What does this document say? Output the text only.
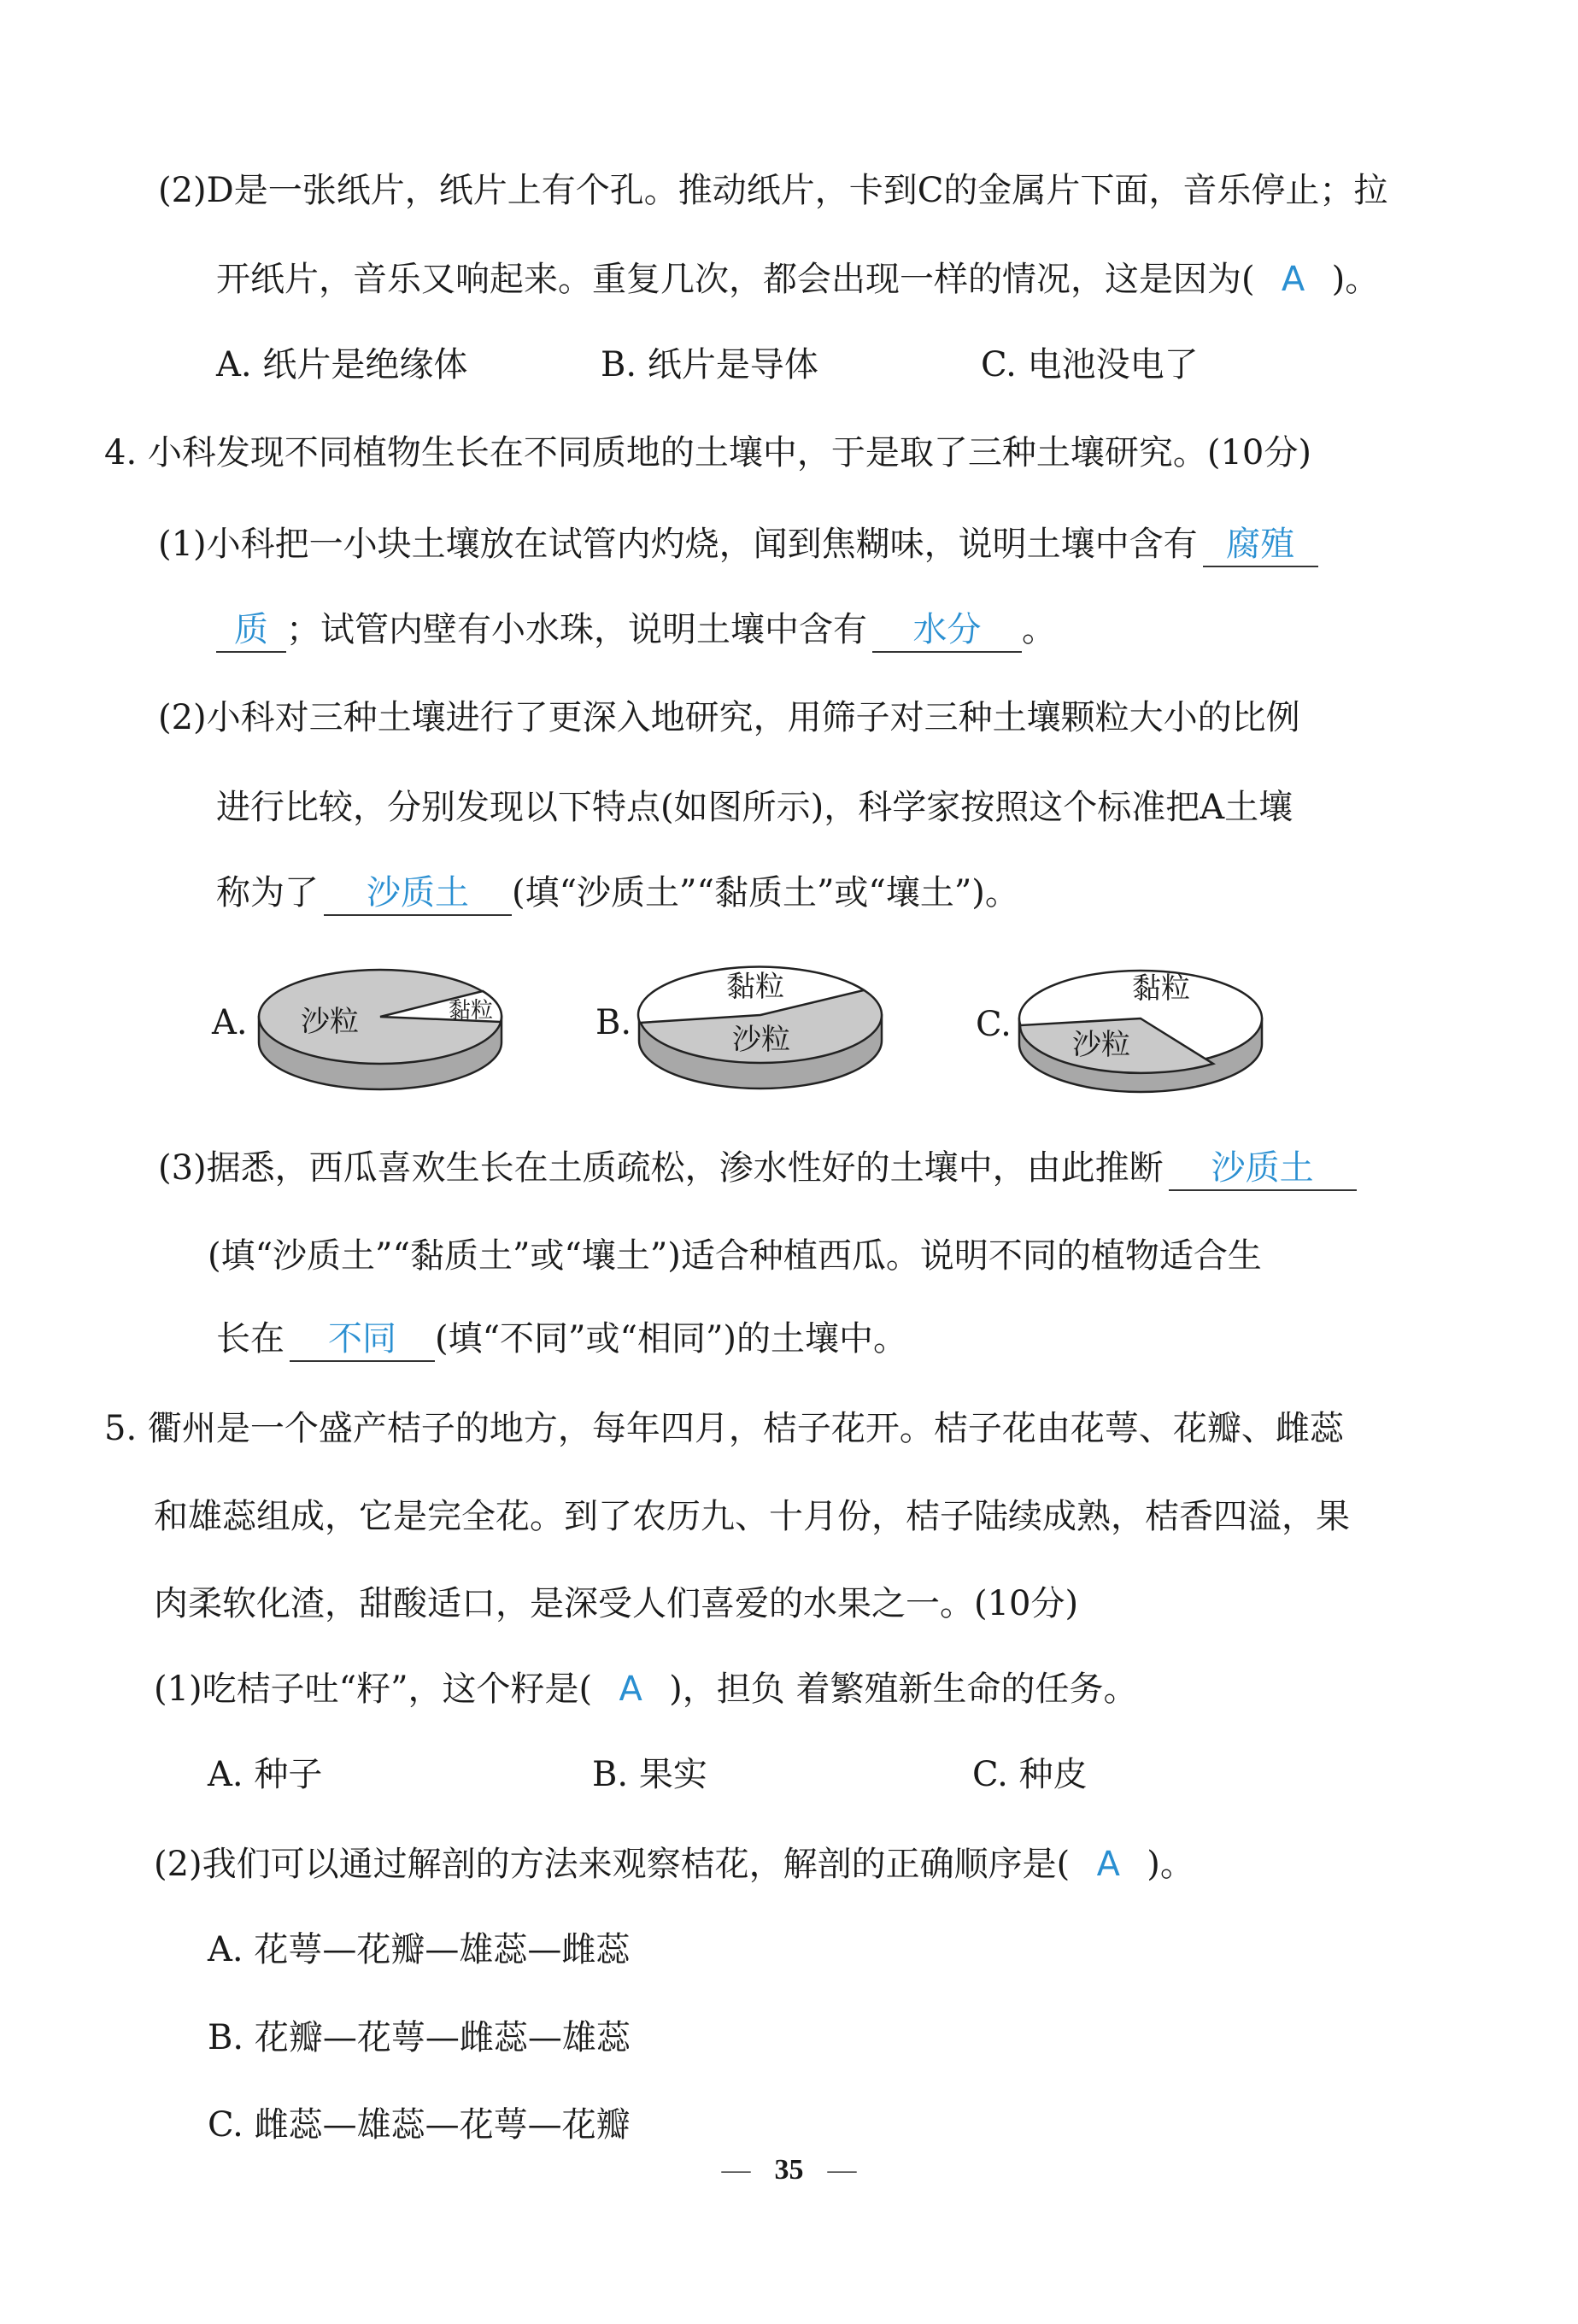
(2)D是一张纸片，纸片上有个孔。推动纸片，卡到C的金属片下面，音乐停止；拉
开纸片，音乐又响起来。重复几次，都会出现一样的情况，这是因为( A )。
A. 纸片是绝缘体	B. 纸片是导体	C. 电池没电了
4. 小科发现不同植物生长在不同质地的土壤中，于是取了三种土壤研究。(10分)
(1)小科把一小块土壤放在试管内灼烧，闻到焦糊味，说明土壤中含有 腐殖
质 ；试管内壁有小水珠，说明土壤中含有 水分 。
(2)小科对三种土壤进行了更深入地研究，用筛子对三种土壤颗粒大小的比例
进行比较，分别发现以下特点(如图所示)，科学家按照这个标准把A土壤
称为了 沙质土 (填“沙质土”“黏质土”或“壤土”)。
A. 沙粒	黏粒	B.
黏粒
沙粒	C.
黏粒
沙粒
(3)据悉，西瓜喜欢生长在土质疏松，渗水性好的土壤中，由此推断 沙质土
(填“沙质土”“黏质土”或“壤土”)适合种植西瓜。说明不同的植物适合生
长在 不同 (填“不同”或“相同”)的土壤中。
5. 衢州是一个盛产桔子的地方，每年四月，桔子花开。桔子花由花萼、花瓣、雌蕊
和雄蕊组成，它是完全花。到了农历九、十月份，桔子陆续成熟，桔香四溢，果
肉柔软化渣，甜酸适口，是深受人们喜爱的水果之一。(10分)
(1)吃桔子吐“籽”，这个籽是( A )，担负 着繁殖新生命的任务。
A. 种子	B. 果实	C. 种皮
(2)我们可以通过解剖的方法来观察桔花，解剖的正确顺序是( A )。
A. 花萼—花瓣—雄蕊—雌蕊
B. 花瓣—花萼—雌蕊—雄蕊
C. 雌蕊—雄蕊—花萼—花瓣
— 35 —
